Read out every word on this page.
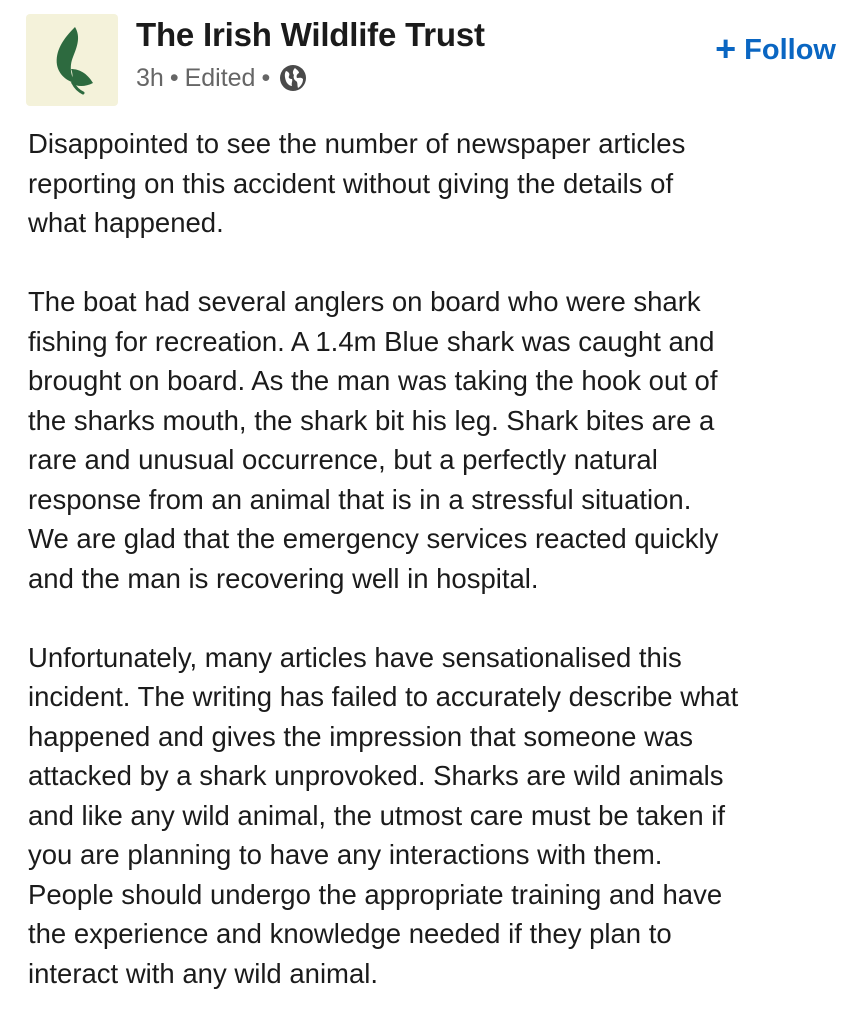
The Irish Wildlife Trust
3h • Edited •
+ Follow

Disappointed to see the number of newspaper articles
reporting on this accident without giving the details of
what happened.

The boat had several anglers on board who were shark
fishing for recreation. A 1.4m Blue shark was caught and
brought on board. As the man was taking the hook out of
the sharks mouth, the shark bit his leg. Shark bites are a
rare and unusual occurrence, but a perfectly natural
response from an animal that is in a stressful situation.
We are glad that the emergency services reacted quickly
and the man is recovering well in hospital.

Unfortunately, many articles have sensationalised this
incident. The writing has failed to accurately describe what
happened and gives the impression that someone was
attacked by a shark unprovoked. Sharks are wild animals
and like any wild animal, the utmost care must be taken if
you are planning to have any interactions with them.
People should undergo the appropriate training and have
the experience and knowledge needed if they plan to
interact with any wild animal.
